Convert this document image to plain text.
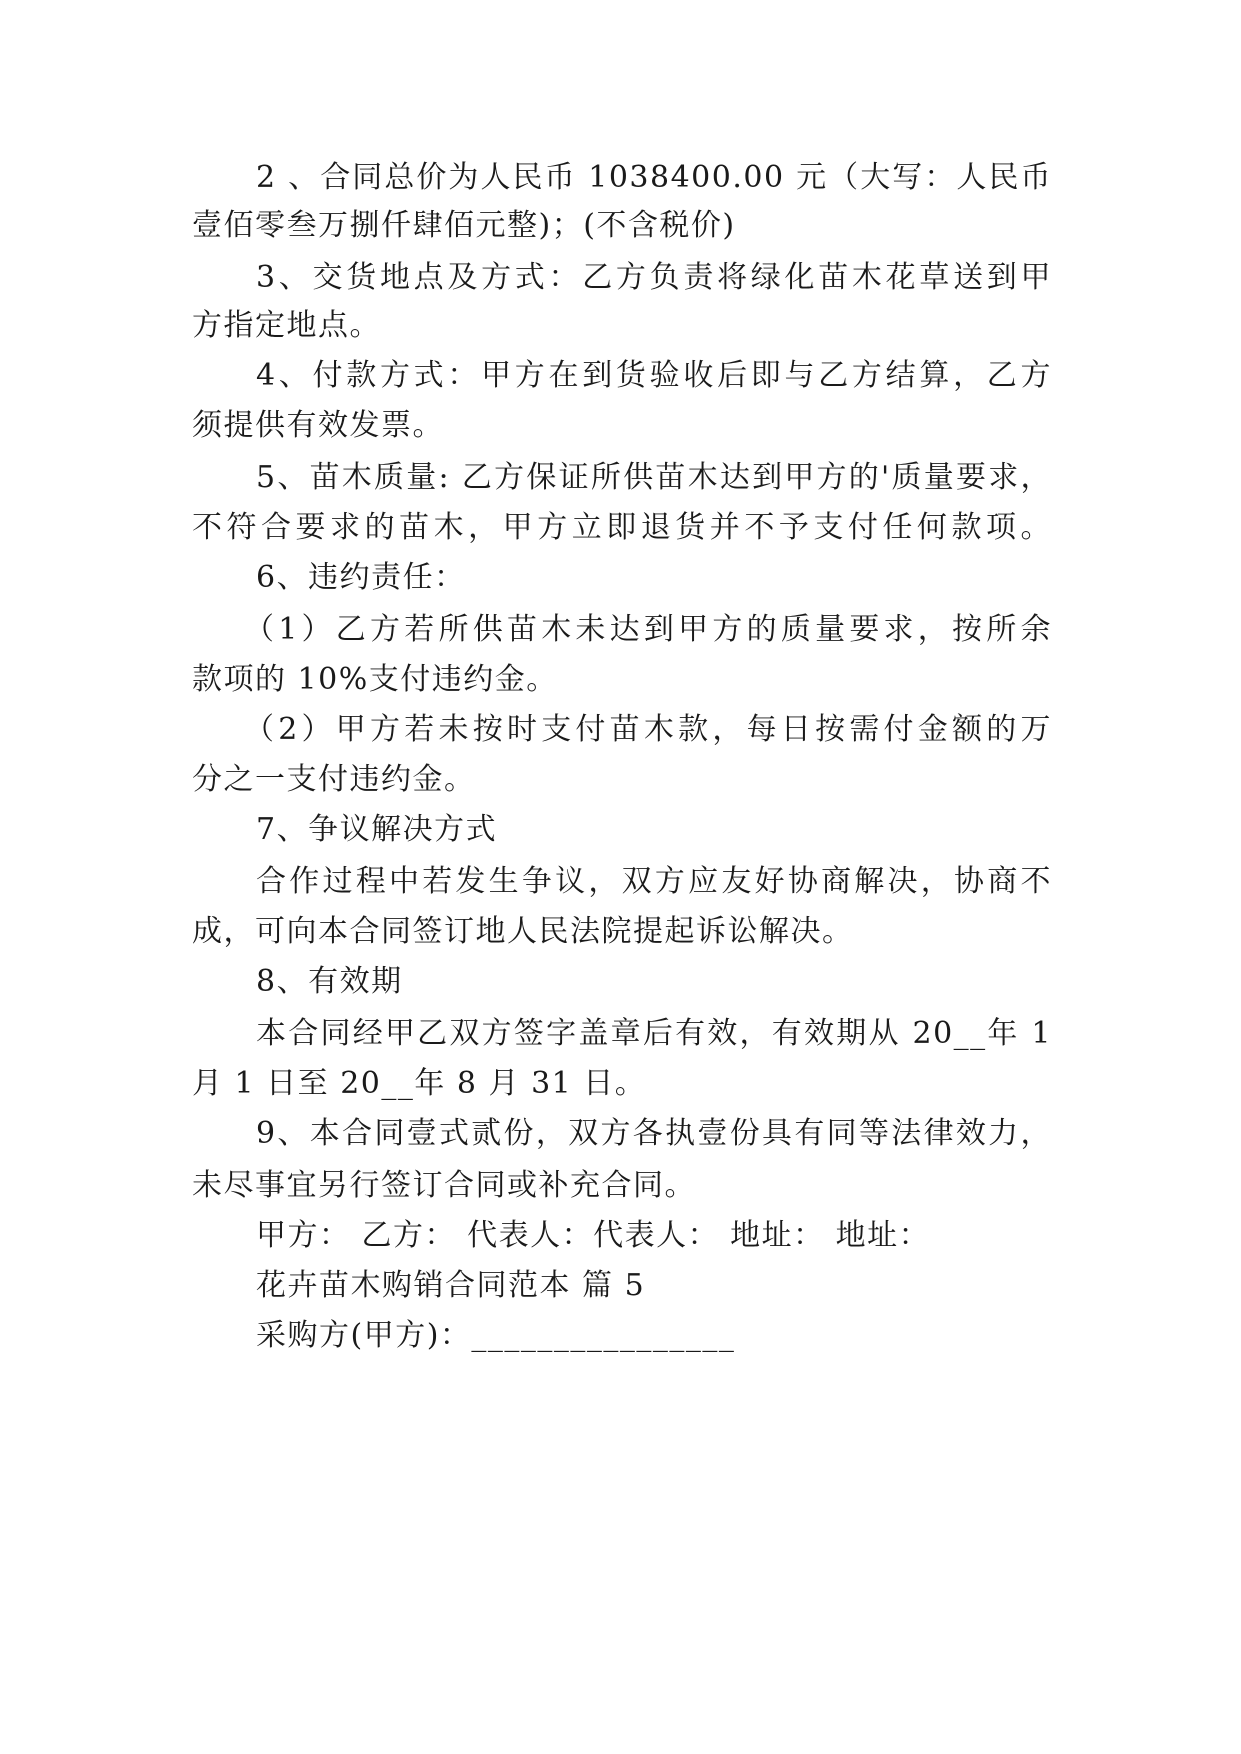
2 、合同总价为人民币 1038400.00 元（大写：人民币
壹佰零叁万捌仟肆佰元整)；(不含税价)
3、交货地点及方式：乙方负责将绿化苗木花草送到甲
方指定地点。
4、付款方式：甲方在到货验收后即与乙方结算，乙方
须提供有效发票。
5、苗木质量: 乙方保证所供苗木达到甲方的'质量要求，
不符合要求的苗木，甲方立即退货并不予支付任何款项。
6、违约责任：
（1）乙方若所供苗木未达到甲方的质量要求，按所余
款项的 10%支付违约金。
（2）甲方若未按时支付苗木款，每日按需付金额的万
分之一支付违约金。
7、争议解决方式
合作过程中若发生争议，双方应友好协商解决，协商不
成，可向本合同签订地人民法院提起诉讼解决。
8、有效期
本合同经甲乙双方签字盖章后有效，有效期从 20__年 1
月 1 日至 20__年 8 月 31 日。
9、本合同壹式贰份，双方各执壹份具有同等法律效力，
未尽事宜另行签订合同或补充合同。
甲方： 乙方： 代表人：代表人： 地址： 地址：
花卉苗木购销合同范本 篇 5
采购方(甲方)：________________
